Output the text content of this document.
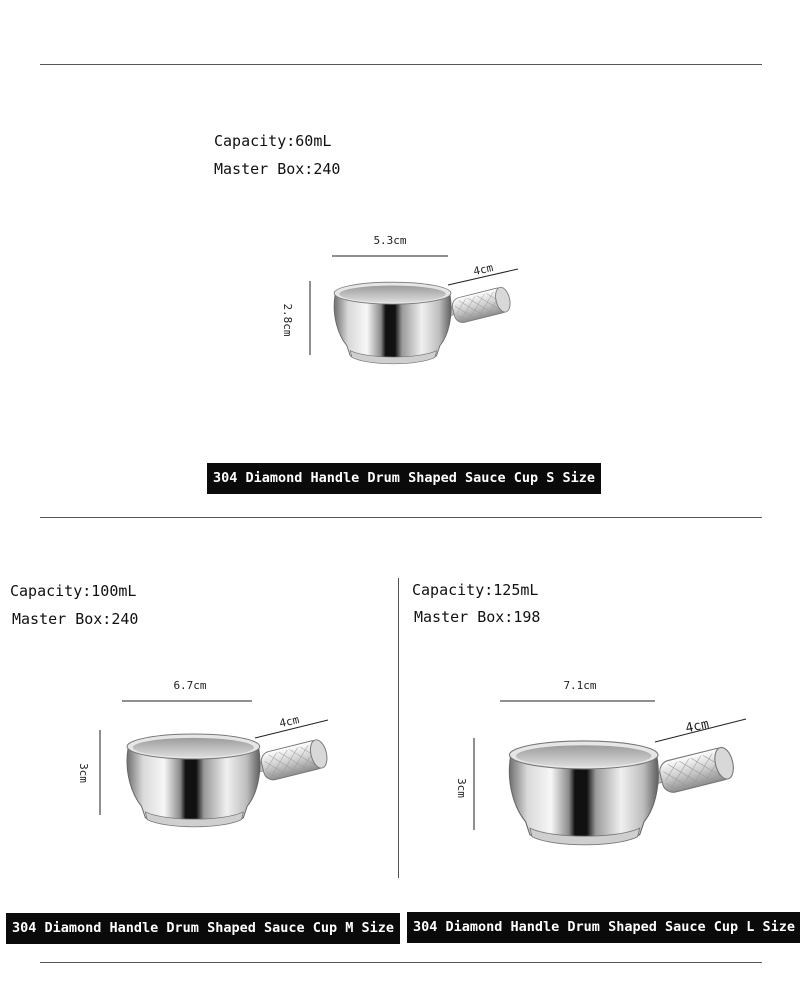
Capacity:60mL
Master Box:240
5.3cm
2.8cm
4cm
304 Diamond Handle Drum Shaped Sauce Cup S Size
Capacity:100mL
Master Box:240
6.7cm
3cm
4cm
304 Diamond Handle Drum Shaped Sauce Cup M Size
Capacity:125mL
Master Box:198
7.1cm
3cm
4cm
304 Diamond Handle Drum Shaped Sauce Cup L Size
